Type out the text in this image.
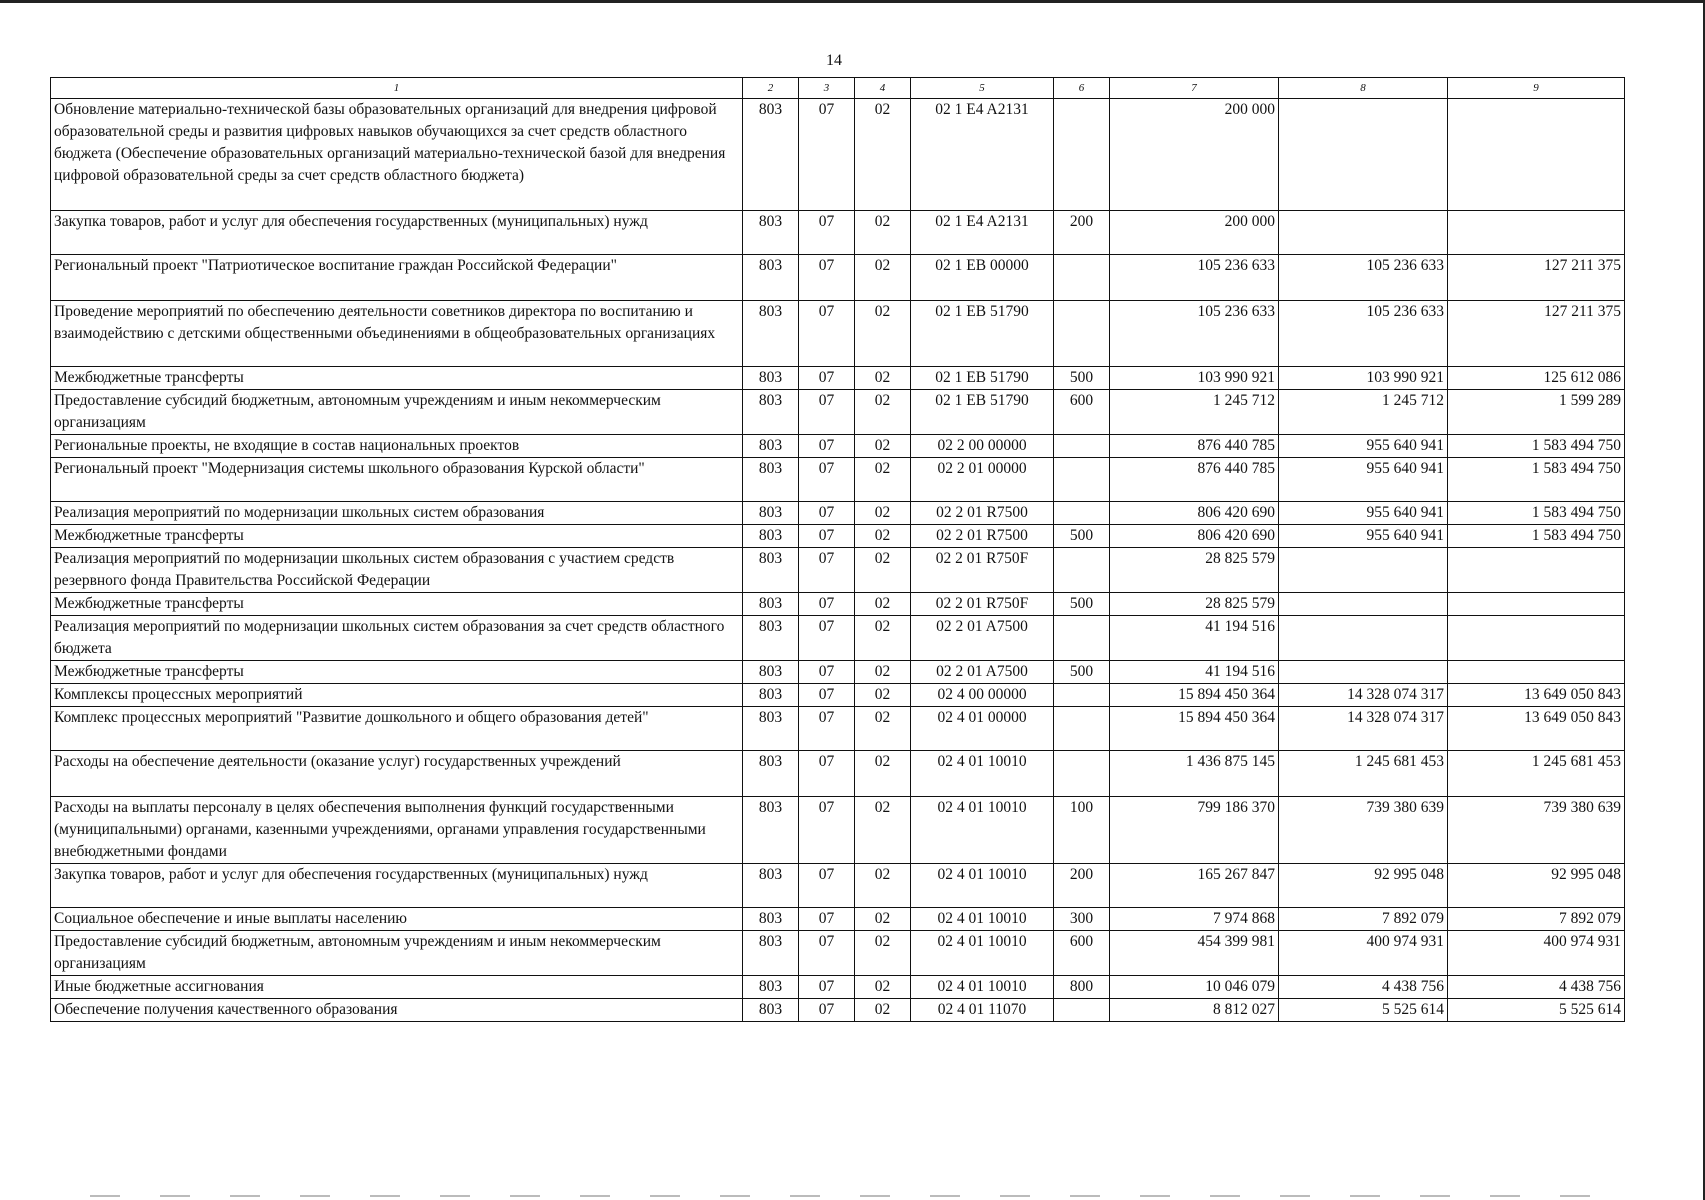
14
1	2	3	4	5	6	7	8	9
Обновление материально-технической базы образовательных организаций для внедрения цифровой образовательной среды и развития цифровых навыков обучающихся за счет средств областного бюджета (Обеспечение образовательных организаций материально-технической базой для внедрения цифровой образовательной среды за счет средств областного бюджета)	803	07	02	02 1 E4 A2131		200 000		
Закупка товаров, работ и услуг для обеспечения государственных (муниципальных) нужд	803	07	02	02 1 E4 A2131	200	200 000		
Региональный проект "Патриотическое воспитание граждан Российской Федерации"	803	07	02	02 1 EB 00000		105 236 633	105 236 633	127 211 375
Проведение мероприятий по обеспечению деятельности советников директора по воспитанию и взаимодействию с детскими общественными объединениями в общеобразовательных организациях	803	07	02	02 1 EB 51790		105 236 633	105 236 633	127 211 375
Межбюджетные трансферты	803	07	02	02 1 EB 51790	500	103 990 921	103 990 921	125 612 086
Предоставление субсидий бюджетным, автономным учреждениям и иным некоммерческим организациям	803	07	02	02 1 EB 51790	600	1 245 712	1 245 712	1 599 289
Региональные проекты, не входящие в состав национальных проектов	803	07	02	02 2 00 00000		876 440 785	955 640 941	1 583 494 750
Региональный проект "Модернизация системы школьного образования Курской области"	803	07	02	02 2 01 00000		876 440 785	955 640 941	1 583 494 750
Реализация мероприятий по модернизации школьных систем образования	803	07	02	02 2 01 R7500		806 420 690	955 640 941	1 583 494 750
Межбюджетные трансферты	803	07	02	02 2 01 R7500	500	806 420 690	955 640 941	1 583 494 750
Реализация мероприятий по модернизации школьных систем образования с участием средств резервного фонда Правительства Российской Федерации	803	07	02	02 2 01 R750F		28 825 579		
Межбюджетные трансферты	803	07	02	02 2 01 R750F	500	28 825 579		
Реализация мероприятий по модернизации школьных систем образования за счет средств областного бюджета	803	07	02	02 2 01 A7500		41 194 516		
Межбюджетные трансферты	803	07	02	02 2 01 A7500	500	41 194 516		
Комплексы процессных мероприятий	803	07	02	02 4 00 00000		15 894 450 364	14 328 074 317	13 649 050 843
Комплекс процессных мероприятий "Развитие дошкольного и общего образования детей"	803	07	02	02 4 01 00000		15 894 450 364	14 328 074 317	13 649 050 843
Расходы на обеспечение деятельности (оказание услуг) государственных учреждений	803	07	02	02 4 01 10010		1 436 875 145	1 245 681 453	1 245 681 453
Расходы на выплаты персоналу в целях обеспечения выполнения функций государственными (муниципальными) органами, казенными учреждениями, органами управления государственными внебюджетными фондами	803	07	02	02 4 01 10010	100	799 186 370	739 380 639	739 380 639
Закупка товаров, работ и услуг для обеспечения государственных (муниципальных) нужд	803	07	02	02 4 01 10010	200	165 267 847	92 995 048	92 995 048
Социальное обеспечение и иные выплаты населению	803	07	02	02 4 01 10010	300	7 974 868	7 892 079	7 892 079
Предоставление субсидий бюджетным, автономным учреждениям и иным некоммерческим организациям	803	07	02	02 4 01 10010	600	454 399 981	400 974 931	400 974 931
Иные бюджетные ассигнования	803	07	02	02 4 01 10010	800	10 046 079	4 438 756	4 438 756
Обеспечение получения качественного образования	803	07	02	02 4 01 11070		8 812 027	5 525 614	5 525 614
